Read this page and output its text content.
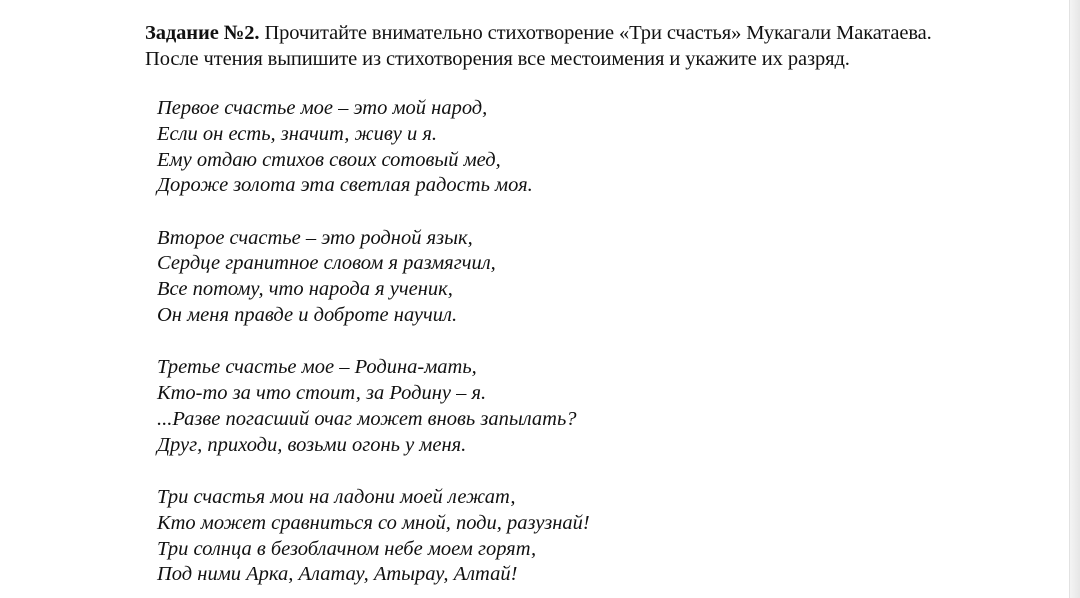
Задание №2. Прочитайте внимательно стихотворение «Три счастья» Мукагали Макатаева.
После чтения выпишите из стихотворения все местоимения и укажите их разряд.
Первое счастье мое – это мой народ,
Если он есть, значит, живу и я.
Ему отдаю стихов своих сотовый мед,
Дороже золота эта светлая радость моя.
Второе счастье – это родной язык,
Сердце гранитное словом я размягчил,
Все потому, что народа я ученик,
Он меня правде и доброте научил.
Третье счастье мое – Родина-мать,
Кто-то за что стоит, за Родину – я.
...Разве погасший очаг может вновь запылать?
Друг, приходи, возьми огонь у меня.
Три счастья мои на ладони моей лежат,
Кто может сравниться со мной, поди, разузнай!
Три солнца в безоблачном небе моем горят,
Под ними Арка, Алатау, Атырау, Алтай!
